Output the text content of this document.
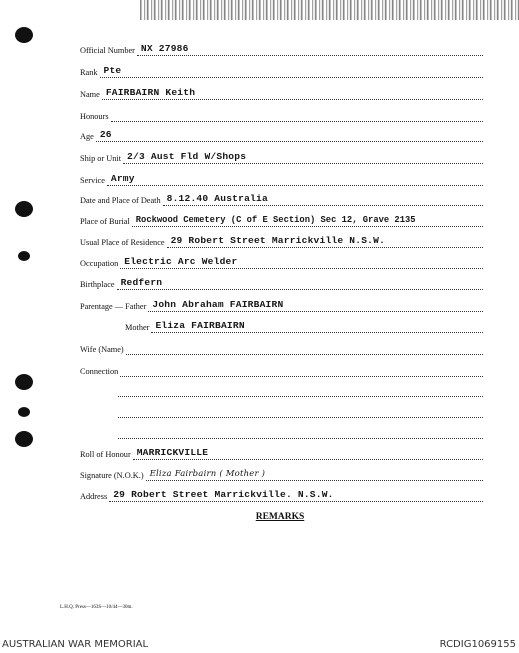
Official Number NX 27986
Rank Pte
Name FAIRBAIRN Keith
Honours
Age 26
Ship or Unit 2/3 Aust Fld W/Shops
Service Army
Date and Place of Death 8.12.40 Australia
Place of Burial Rockwood Cemetery (C of E Section) Sec 12, Grave 2135
Usual Place of Residence 29 Robert Street Marrickville N.S.W.
Occupation Electric Arc Welder
Birthplace Redfern
Parentage — Father John Abraham FAIRBAIRN
Mother Eliza FAIRBAIRN
Wife (Name)
Connection
Roll of Honour MARRICKVILLE
Signature (N.O.K.) Eliza Fairbairn ( Mother )
Address 29 Robert Street Marrickville. N.S.W.
REMARKS
L.H.Q. Press—163S—10/44—30m.
AUSTRALIAN WAR MEMORIAL	RCDIG1069155
